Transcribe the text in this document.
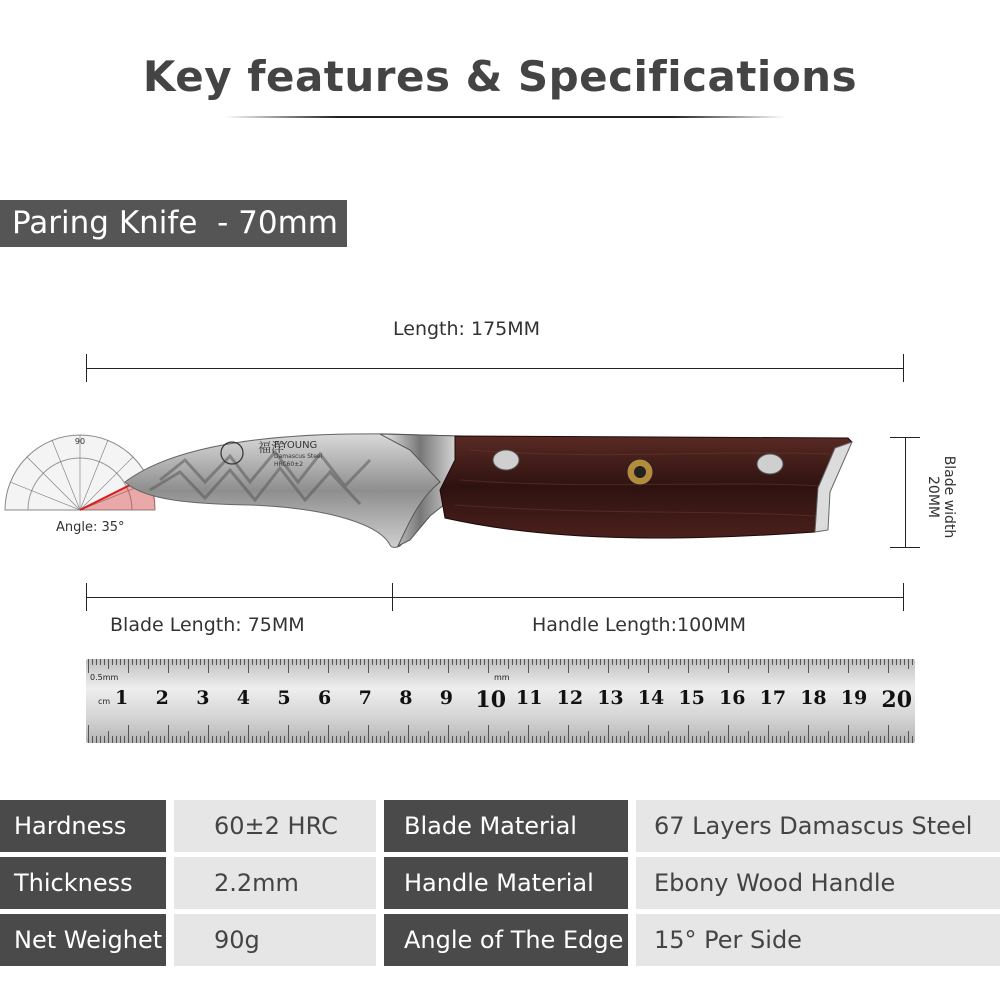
Key features & Specifications
Paring Knife  - 70mm
Length: 175MM
90	福洋
F.YOUNG
Damascus Steel
HRC60±2
Angle: 35°	Blade width
20MM
Blade Length: 75MM	Handle Length:100MM
0.5mm
cm
mm
1 2 3 4 5 6 7 8 9 10 11 12 13 14 15 16 17 18 19 20
Hardness	60±2 HRC	Blade Material	67 Layers Damascus Steel
Thickness	2.2mm	Handle Material	Ebony Wood Handle
Net Weighet	90g	Angle of The Edge	15° Per Side
